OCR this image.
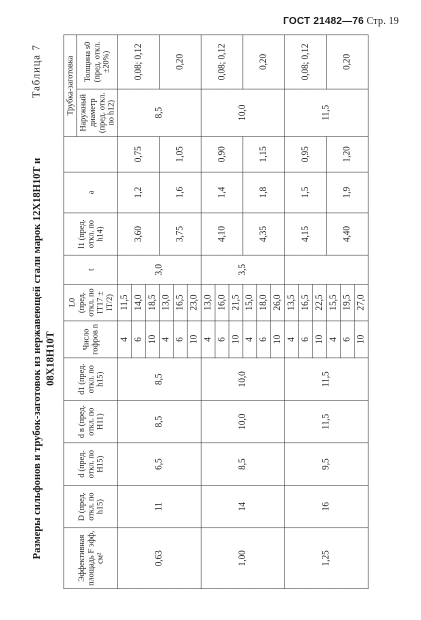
ГОСТ 21482—76 Стр. 19
Размеры сильфонов и трубок-заготовок из нержавеющей стали марок 12Х18Н10Т и 08Х18Н10Т
Таблица 7
Эффективная площадь F эфф, см²	D (пред. откл. по h15)	d (пред. откл. по H15)	d в (пред. откл. по H11)	d1 (пред. откл. по h15)	Число гофров n	L0 (пред. откл. по IT17 ± IT/2)	t	l1 (пред. откл. по h14)	a		Трубка-заготовка	
											Наружный диаметр (пред. откл. по h12)	Толщина s0 (пред. откл. ±20%)
0,63	11	6,5	8,5	8,5	4	11,5	3,0	3,60	1,2	0,75	8,5	0,08; 0,12
					6	14,0						
					10	18,5						
					4	13,0		3,75	1,6	1,05		0,20
					6	16,5						
					10	23,0						
1,00	14	8,5	10,0	10,0	4	13,0	3,5	4,10	1,4	0,90	10,0	0,08; 0,12
					6	16,0						
					10	21,5						
					4	15,0		4,35	1,8	1,15		0,20
					6	18,0						
					10	26,0						
1,25	16	9,5	11,5	11,5	4	13,5		4,15	1,5	0,95	11,5	0,08; 0,12
					6	16,5						
					10	22,5						
					4	15,5		4,40	1,9	1,20		0,20
					6	19,5						
					10	27,0						
